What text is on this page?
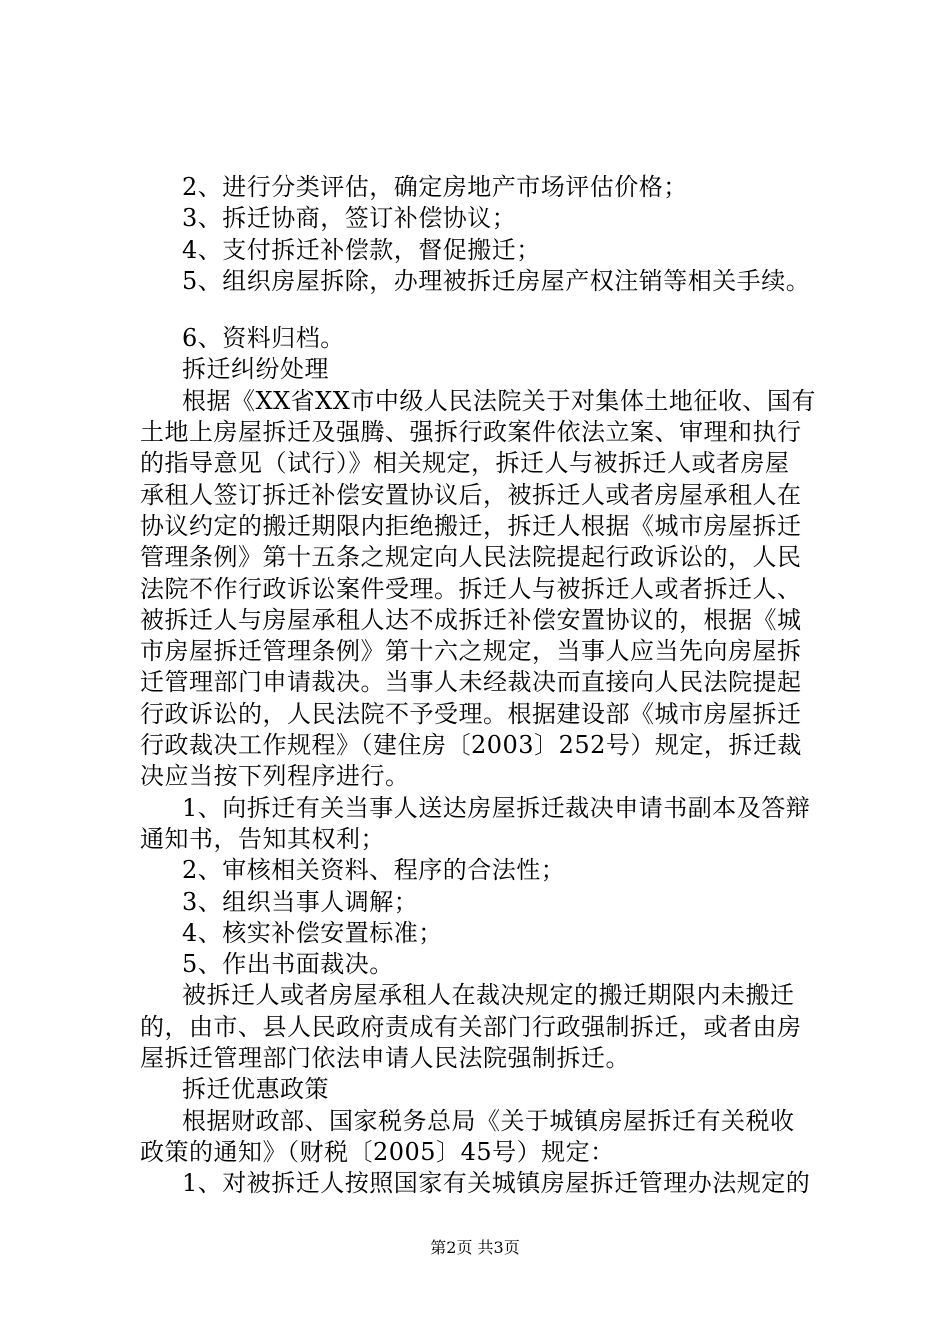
2、进行分类评估，确定房地产市场评估价格；
3、拆迁协商，签订补偿协议；
4、支付拆迁补偿款，督促搬迁；
5、组织房屋拆除，办理被拆迁房屋产权注销等相关手续。
6、资料归档。
拆迁纠纷处理
根据《XX省XX市中级人民法院关于对集体土地征收、国有
土地上房屋拆迁及强腾、强拆行政案件依法立案、审理和执行
的指导意见（试行）》相关规定，拆迁人与被拆迁人或者房屋
承租人签订拆迁补偿安置协议后，被拆迁人或者房屋承租人在
协议约定的搬迁期限内拒绝搬迁，拆迁人根据《城市房屋拆迁
管理条例》第十五条之规定向人民法院提起行政诉讼的，人民
法院不作行政诉讼案件受理。拆迁人与被拆迁人或者拆迁人、
被拆迁人与房屋承租人达不成拆迁补偿安置协议的，根据《城
市房屋拆迁管理条例》第十六之规定，当事人应当先向房屋拆
迁管理部门申请裁决。当事人未经裁决而直接向人民法院提起
行政诉讼的，人民法院不予受理。根据建设部《城市房屋拆迁
行政裁决工作规程》（建住房〔2003〕252号）规定，拆迁裁
决应当按下列程序进行。
1、向拆迁有关当事人送达房屋拆迁裁决申请书副本及答辩
通知书，告知其权利；
2、审核相关资料、程序的合法性；
3、组织当事人调解；
4、核实补偿安置标准；
5、作出书面裁决。
被拆迁人或者房屋承租人在裁决规定的搬迁期限内未搬迁
的，由市、县人民政府责成有关部门行政强制拆迁，或者由房
屋拆迁管理部门依法申请人民法院强制拆迁。
拆迁优惠政策
根据财政部、国家税务总局《关于城镇房屋拆迁有关税收
政策的通知》（财税〔2005〕45号）规定：
1、对被拆迁人按照国家有关城镇房屋拆迁管理办法规定的
第2页 共3页
